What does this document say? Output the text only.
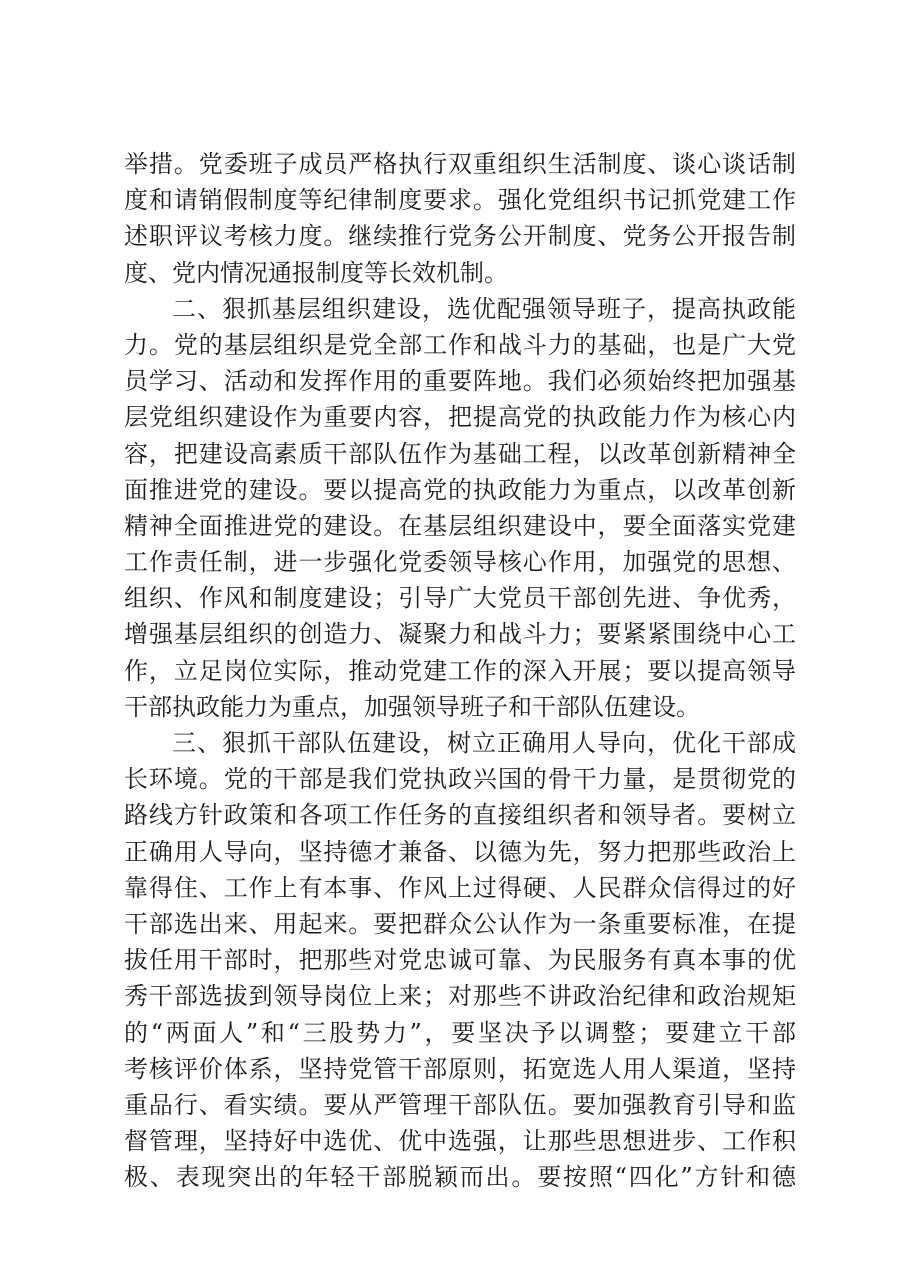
举措。党委班子成员严格执行双重组织生活制度、谈心谈话制
度和请销假制度等纪律制度要求。强化党组织书记抓党建工作
述职评议考核力度。继续推行党务公开制度、党务公开报告制
度、党内情况通报制度等长效机制。
二、狠抓基层组织建设，选优配强领导班子，提高执政能
力。党的基层组织是党全部工作和战斗力的基础，也是广大党
员学习、活动和发挥作用的重要阵地。我们必须始终把加强基
层党组织建设作为重要内容，把提高党的执政能力作为核心内
容，把建设高素质干部队伍作为基础工程，以改革创新精神全
面推进党的建设。要以提高党的执政能力为重点，以改革创新
精神全面推进党的建设。在基层组织建设中，要全面落实党建
工作责任制，进一步强化党委领导核心作用，加强党的思想、
组织、作风和制度建设；引导广大党员干部创先进、争优秀，
增强基层组织的创造力、凝聚力和战斗力；要紧紧围绕中心工
作，立足岗位实际，推动党建工作的深入开展；要以提高领导
干部执政能力为重点，加强领导班子和干部队伍建设。
三、狠抓干部队伍建设，树立正确用人导向，优化干部成
长环境。党的干部是我们党执政兴国的骨干力量，是贯彻党的
路线方针政策和各项工作任务的直接组织者和领导者。要树立
正确用人导向，坚持德才兼备、以德为先，努力把那些政治上
靠得住、工作上有本事、作风上过得硬、人民群众信得过的好
干部选出来、用起来。要把群众公认作为一条重要标准，在提
拔任用干部时，把那些对党忠诚可靠、为民服务有真本事的优
秀干部选拔到领导岗位上来；对那些不讲政治纪律和政治规矩
的“两面人”和“三股势力”，要坚决予以调整；要建立干部
考核评价体系，坚持党管干部原则，拓宽选人用人渠道，坚持
重品行、看实绩。要从严管理干部队伍。要加强教育引导和监
督管理，坚持好中选优、优中选强，让那些思想进步、工作积
极、表现突出的年轻干部脱颖而出。要按照“四化”方针和德
